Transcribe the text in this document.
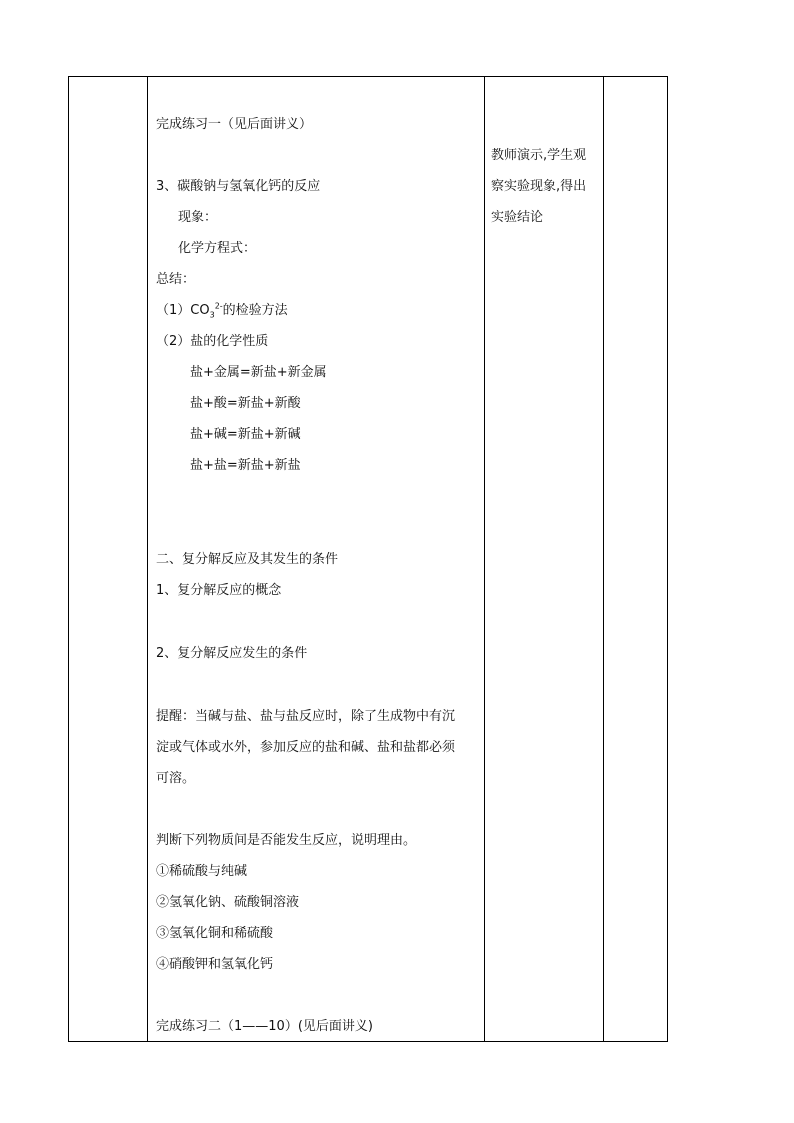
完成练习一（见后面讲义）
3、碳酸钠与氢氧化钙的反应
现象：
化学方程式：
总结：
$(1)CO_3^{2-}$的检验方法
（2）盐的化学性质
盐+金属=新盐+新金属
盐+酸=新盐+新酸
盐+碱=新盐+新碱
盐+盐=新盐+新盐
二、复分解反应及其发生的条件
1、复分解反应的概念
2、复分解反应发生的条件
提醒：当碱与盐、盐与盐反应时，除了生成物中有沉
淀或气体或水外，参加反应的盐和碱、盐和盐都必须
可溶。
判断下列物质间是否能发生反应，说明理由。
①稀硫酸与纯碱
②氢氧化钠、硫酸铜溶液
③氢氧化铜和稀硫酸
④硝酸钾和氢氧化钙
完成练习二（1——10）(见后面讲义)
教师演示,学生观
察实验现象,得出
实验结论
